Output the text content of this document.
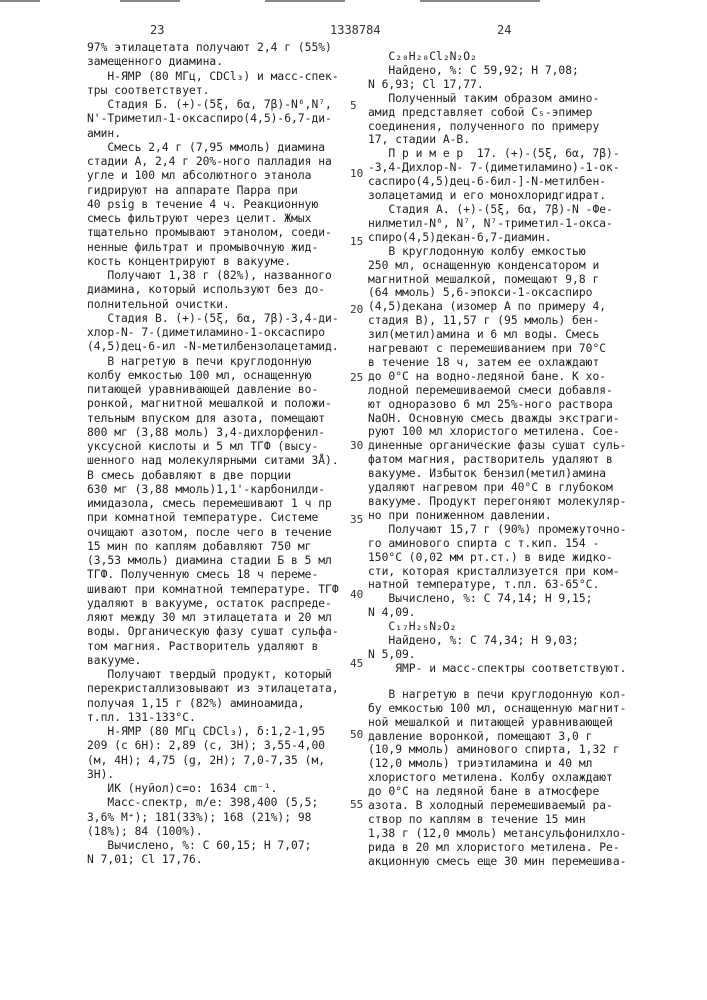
23	1338784	24
97% этилацетата получают 2,4 г (55%)
замещенного диамина.
Н-ЯМР (80 МГц, CDCl₃) и масс-спек-
тры соответствует.
Стадия Б. (+)-(5ξ, 6α, 7β)-N⁶,N⁷,
N'-Триметил-1-оксаспиро(4,5)-6,7-ди-
амин.
Смесь 2,4 г (7,95 ммоль) диамина
стадии А, 2,4 г 20%-ного палладия на
угле и 100 мл абсолютного этанола
гидрируют на аппарате Парра при
40 psig в течение 4 ч. Реакционную
смесь фильтруют через целит. Жмых
тщательно промывают этанолом, соеди-
ненные фильтрат и промывочную жид-
кость концентрируют в вакууме.
Получают 1,38 г (82%), названного
диамина, который используют без до-
полнительной очистки.
Стадия В. (+)-(5ξ, 6α, 7β)-3,4-ди-
хлор-N- 7-(диметиламино-1-оксаспиро
(4,5)дец-6-ил -N-метилбензолацетамид.
В нагретую в печи круглодонную
колбу емкостью 100 мл, оснащенную
питающей уравнивающей давление во-
ронкой, магнитной мешалкой и положи-
тельным впуском для азота, помещают
800 мг (3,88 моль) 3,4-дихлорфенил-
уксусной кислоты и 5 мл ТГФ (высу-
шенного над молекулярными ситами 3Å).
В смесь добавляют в две порции
630 мг (3,88 ммоль)1,1'-карбонилди-
имидазола, смесь перемешивают 1 ч пр
при комнатной температуре. Системе
очищают азотом, после чего в течение
15 мин по каплям добавляют 750 мг
(3,53 ммоль) диамина стадии Б в 5 мл
ТГФ. Полученную смесь 18 ч переме-
шивают при комнатной температуре. ТГФ
удаляют в вакууме, остаток распреде-
ляют между 30 мл этилацетата и 20 мл
воды. Органическую фазу сушат сульфа-
том магния. Растворитель удаляют в
вакууме.
Получают твердый продукт, который
перекристаллизовывают из этилацетата,
получая 1,15 г (82%) аминоамида,
т.пл. 131-133°С.
Н-ЯМР (80 МГц CDCl₃), δ:1,2-1,95
209 (с 6Н): 2,89 (с, 3Н); 3,55-4,00
(м, 4Н); 4,75 (g, 2Н); 7,0-7,35 (м,
3Н).
ИК (нуйол)c=o: 1634 cm⁻¹.
Масс-спектр, m/e: 398,400 (5,5;
3,6% M⁺); 181(33%); 168 (21%); 98
(18%); 84 (100%).
Вычислено, %: C 60,15; H 7,07;
N 7,01; Cl 17,76.
C₂₀H₂₈Cl₂N₂O₂
Найдено, %: C 59,92; H 7,08;
N 6,93; Cl 17,77.
Полученный таким образом амино-
амид представляет собой C₅-эпимер
соединения, полученного по примеру
17, стадии А-В.
П р и м е р  17. (+)-(5ξ, 6α, 7β)-
-3,4-Дихлор-N- 7-(диметиламино)-1-ок-
саспиро(4,5)дец-6-6ил-]-N-метилбен-
золацетамид и его монохлоридгидрат.
Стадия А. (+)-(5ξ, 6α, 7β)-N -Фе-
нилметил-N⁶, N⁷, N⁷-триметил-1-окса-
спиро(4,5)декан-6,7-диамин.
В круглодонную колбу емкостью
250 мл, оснащенную конденсатором и
магнитной мешалкой, помещают 9,8 г
(64 ммоль) 5,6-эпокси-1-оксаспиро
(4,5)декана (изомер А по примеру 4,
стадия В), 11,57 г (95 ммоль) бен-
зил(метил)амина и 6 мл воды. Смесь
нагревают с перемешиванием при 70°С
в течение 18 ч, затем ее охлаждают
до 0°С на водно-ледяной бане. К хо-
лодной перемешиваемой смеси добавля-
ют одноразово 6 мл 25%-ного раствора
NaOH. Основную смесь дважды экстраги-
руют 100 мл хлористого метилена. Сое-
диненные органические фазы сушат суль-
фатом магния, растворитель удаляют в
вакууме. Избыток бензил(метил)амина
удаляют нагревом при 40°С в глубоком
вакууме. Продукт перегоняют молекуляр-
но при пониженном давлении.
Получают 15,7 г (90%) промежуточно-
го аминового спирта с т.кип. 154 -
150°С (0,02 мм рт.ст.) в виде жидко-
сти, которая кристаллизуется при ком-
натной температуре, т.пл. 63-65°С.
Вычислено, %: C 74,14; H 9,15;
N 4,09.
C₁₇H₂₅N₂O₂
Найдено, %: C 74,34; H 9,03;
N 5,09.
ЯМР- и масс-спектры соответствуют.
В нагретую в печи круглодонную кол-
бу емкостью 100 мл, оснащенную магнит-
ной мешалкой и питающей уравнивающей
давление воронкой, помещают 3,0 г
(10,9 ммоль) аминового спирта, 1,32 г
(12,0 ммоль) триэтиламина и 40 мл
хлористого метилена. Колбу охлаждают
до 0°С на ледяной бане в атмосфере
азота. В холодный перемешиваемый ра-
створ по каплям в течение 15 мин
1,38 г (12,0 ммоль) метансульфонилхло-
рида в 20 мл хлористого метилена. Ре-
акционную смесь еще 30 мин перемешива-
5
10
15
20
25
30
35
40
45
50
55
